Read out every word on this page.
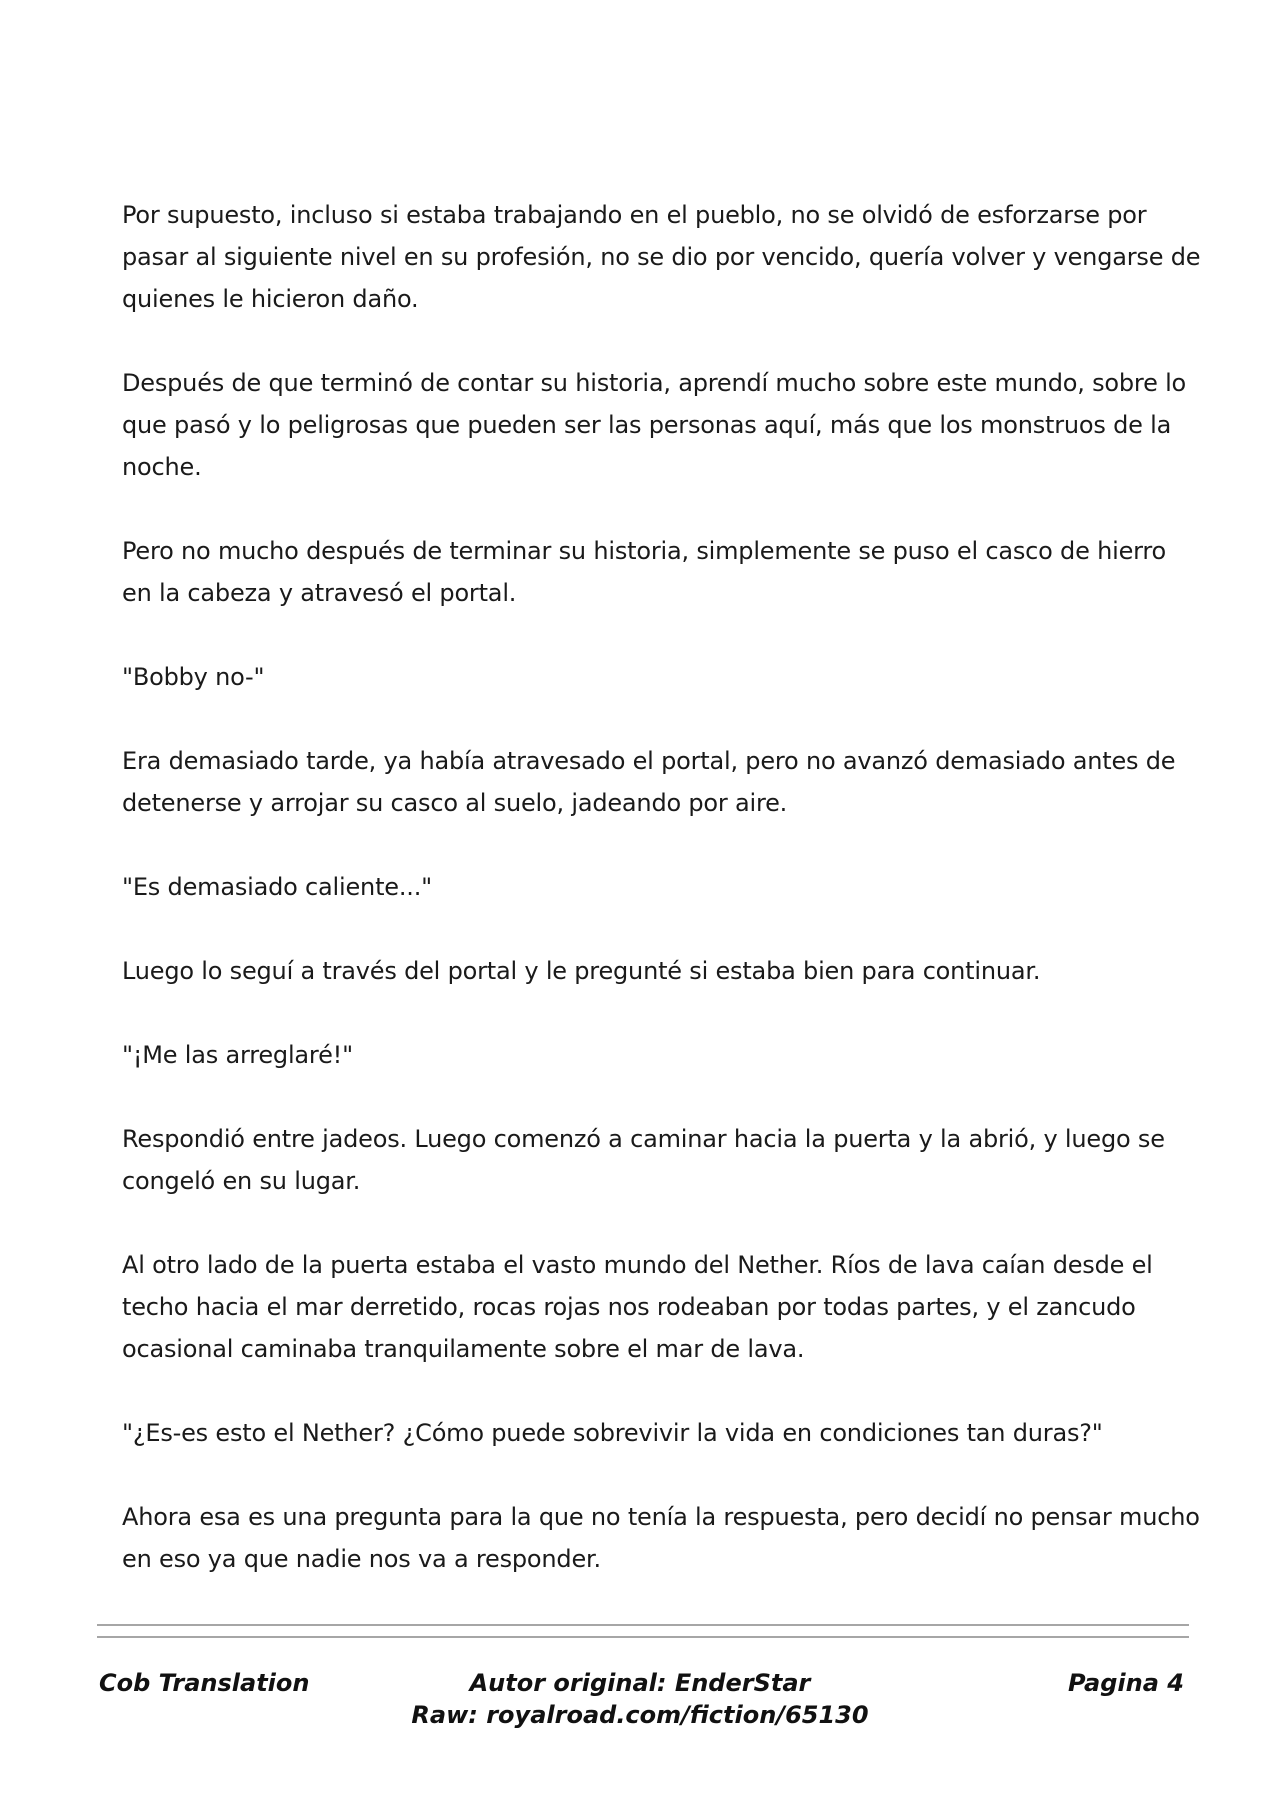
Por supuesto, incluso si estaba trabajando en el pueblo, no se olvidó de esforzarse por pasar al siguiente nivel en su profesión, no se dio por vencido, quería volver y vengarse de quienes le hicieron daño.

Después de que terminó de contar su historia, aprendí mucho sobre este mundo, sobre lo que pasó y lo peligrosas que pueden ser las personas aquí, más que los monstruos de la noche.

Pero no mucho después de terminar su historia, simplemente se puso el casco de hierro en la cabeza y atravesó el portal.

"Bobby no-"

Era demasiado tarde, ya había atravesado el portal, pero no avanzó demasiado antes de detenerse y arrojar su casco al suelo, jadeando por aire.

"Es demasiado caliente..."

Luego lo seguí a través del portal y le pregunté si estaba bien para continuar.

"¡Me las arreglaré!"

Respondió entre jadeos. Luego comenzó a caminar hacia la puerta y la abrió, y luego se congeló en su lugar.

Al otro lado de la puerta estaba el vasto mundo del Nether. Ríos de lava caían desde el techo hacia el mar derretido, rocas rojas nos rodeaban por todas partes, y el zancudo ocasional caminaba tranquilamente sobre el mar de lava.

"¿Es-es esto el Nether? ¿Cómo puede sobrevivir la vida en condiciones tan duras?"

Ahora esa es una pregunta para la que no tenía la respuesta, pero decidí no pensar mucho en eso ya que nadie nos va a responder.

Cob Translation	Autor original: EnderStar
Raw: royalroad.com/fiction/65130
Pagina 4
